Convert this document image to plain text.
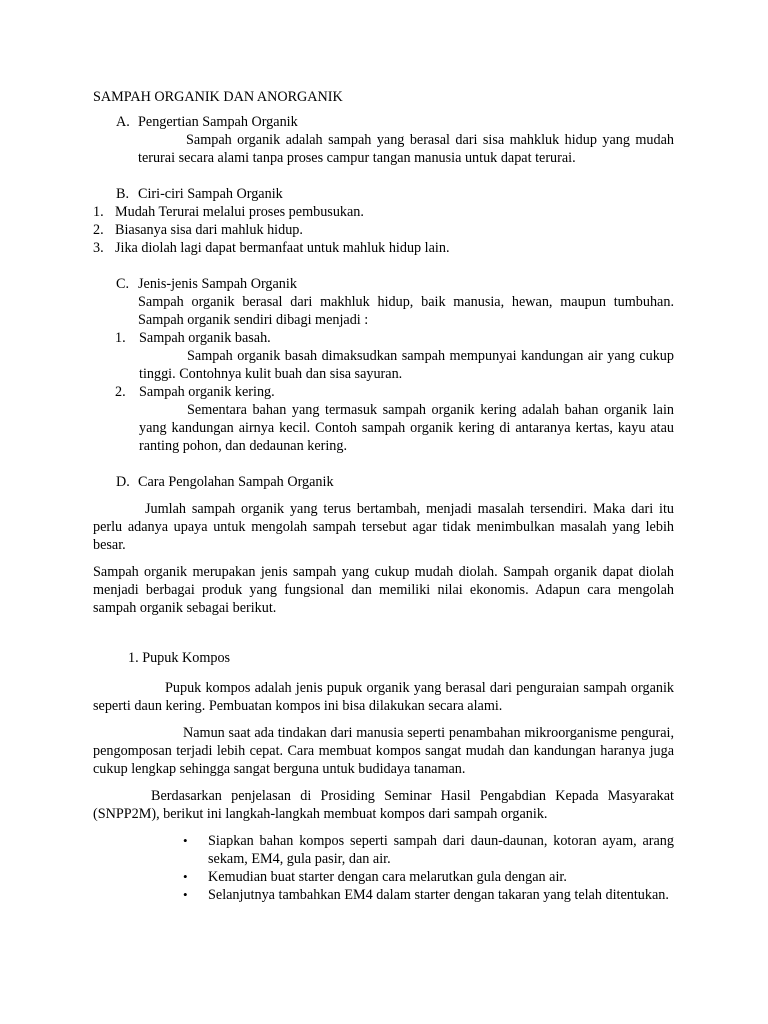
SAMPAH ORGANIK DAN ANORGANIK
A. Pengertian Sampah Organik
Sampah organik adalah sampah yang berasal dari sisa mahkluk hidup yang mudah terurai secara alami tanpa proses campur tangan manusia untuk dapat terurai.
B. Ciri-ciri Sampah Organik
1. Mudah Terurai melalui proses pembusukan.
2. Biasanya sisa dari mahluk hidup.
3. Jika diolah lagi dapat bermanfaat untuk mahluk hidup lain.
C. Jenis-jenis Sampah Organik
Sampah organik berasal dari makhluk hidup, baik manusia, hewan, maupun tumbuhan. Sampah organik sendiri dibagi menjadi :
1. Sampah organik basah.
Sampah organik basah dimaksudkan sampah mempunyai kandungan air yang cukup tinggi. Contohnya kulit buah dan sisa sayuran.
2. Sampah organik kering.
Sementara bahan yang termasuk sampah organik kering adalah bahan organik lain yang kandungan airnya kecil. Contoh sampah organik kering di antaranya kertas, kayu atau ranting pohon, dan dedaunan kering.
D. Cara Pengolahan Sampah Organik

Jumlah sampah organik yang terus bertambah, menjadi masalah tersendiri. Maka dari itu perlu adanya upaya untuk mengolah sampah tersebut agar tidak menimbulkan masalah yang lebih besar.

Sampah organik merupakan jenis sampah yang cukup mudah diolah. Sampah organik dapat diolah menjadi berbagai produk yang fungsional dan memiliki nilai ekonomis. Adapun cara mengolah sampah organik sebagai berikut.

1. Pupuk Kompos

Pupuk kompos adalah jenis pupuk organik yang berasal dari penguraian sampah organik seperti daun kering. Pembuatan kompos ini bisa dilakukan secara alami.

Namun saat ada tindakan dari manusia seperti penambahan mikroorganisme pengurai, pengomposan terjadi lebih cepat. Cara membuat kompos sangat mudah dan kandungan haranya juga cukup lengkap sehingga sangat berguna untuk budidaya tanaman.

Berdasarkan penjelasan di Prosiding Seminar Hasil Pengabdian Kepada Masyarakat (SNPP2M), berikut ini langkah-langkah membuat kompos dari sampah organik.

•	Siapkan bahan kompos seperti sampah dari daun-daunan, kotoran ayam, arang sekam, EM4, gula pasir, dan air.
•	Kemudian buat starter dengan cara melarutkan gula dengan air.
•	Selanjutnya tambahkan EM4 dalam starter dengan takaran yang telah ditentukan.
